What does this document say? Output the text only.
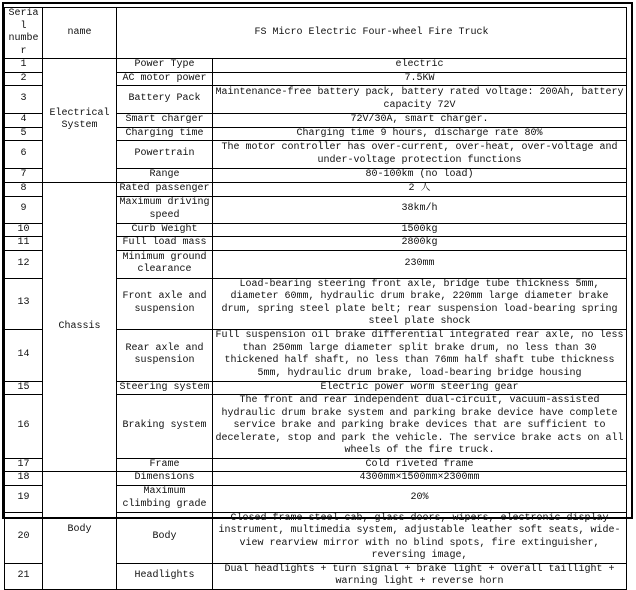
Serial number	name	FS Micro Electric Four-wheel Fire Truck	
1	Electrical System	Power Type	electric
2		AC motor power	7.5KW
3		Battery Pack	Maintenance-free battery pack, battery rated voltage: 200Ah, battery capacity 72V
4		Smart charger	72V/30A, smart charger.
5		Charging time	Charging time 9 hours, discharge rate 80%
6		Powertrain	The motor controller has over-current, over-heat, over-voltage and under-voltage protection functions
7		Range	80-100km (no load)
8	Chassis	Rated passenger	2 人
9		Maximum driving speed	38km/h
10		Curb Weight	1500kg
11		Full load mass	2800kg
12		Minimum ground clearance	230mm
13		Front axle and suspension	Load-bearing steering front axle, bridge tube thickness 5mm, diameter 60mm, hydraulic drum brake, 220mm large diameter brake drum, spring steel plate belt; rear suspension load-bearing spring steel plate shock
14		Rear axle and suspension	Full suspension oil brake differential integrated rear axle, no less than 250mm large diameter split brake drum, no less than 30 thickened half shaft, no less than 76mm half shaft tube thickness 5mm, hydraulic drum brake, load-bearing bridge housing
15		Steering system	Electric power worm steering gear
16		Braking system	The front and rear independent dual-circuit, vacuum-assisted hydraulic drum brake system and parking brake device have complete service brake and parking brake devices that are sufficient to decelerate, stop and park the vehicle. The service brake acts on all wheels of the fire truck.
17		Frame	Cold riveted frame
18	Body	Dimensions	4300mm×1500mm×2300mm
19		Maximum climbing grade	20%
20		Body	Closed frame steel cab, glass doors, wipers, electronic display instrument, multimedia system, adjustable leather soft seats, wide-view rearview mirror with no blind spots, fire extinguisher, reversing image,
21		Headlights	Dual headlights + turn signal + brake light + overall taillight + warning light + reverse horn
